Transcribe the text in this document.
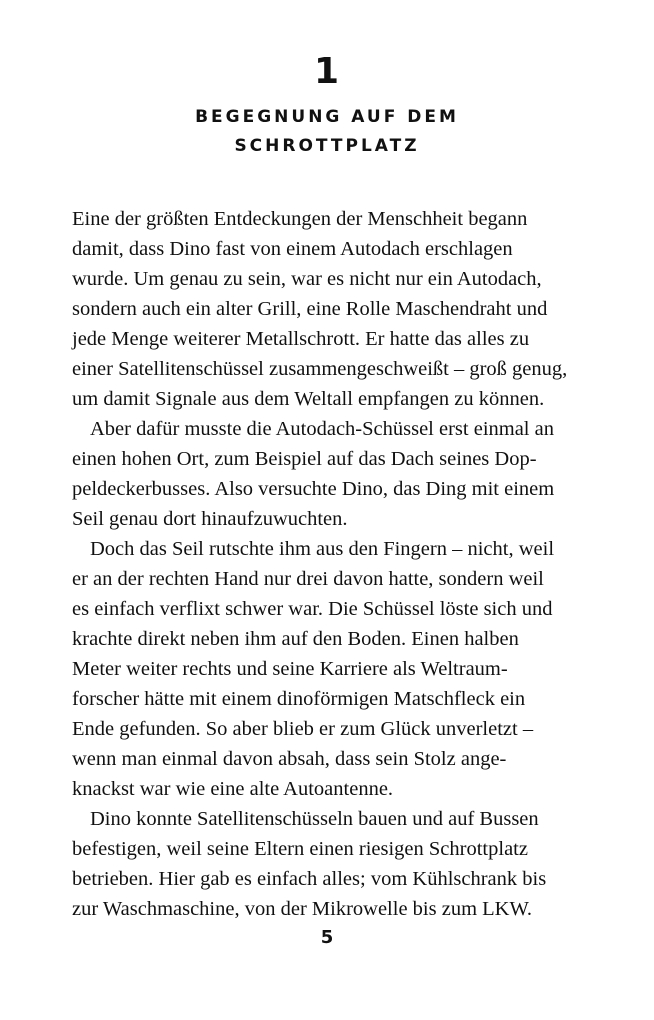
1
BEGEGNUNG AUF DEM
SCHROTTPLATZ
Eine der größten Entdeckungen der Menschheit begann
damit, dass Dino fast von einem Autodach erschlagen
wurde. Um genau zu sein, war es nicht nur ein Autodach,
sondern auch ein alter Grill, eine Rolle Maschendraht und
jede Menge weiterer Metallschrott. Er hatte das alles zu
einer Satellitenschüssel zusammengeschweißt – groß genug,
um damit Signale aus dem Weltall empfangen zu können.
Aber dafür musste die Autodach-Schüssel erst einmal an
einen hohen Ort, zum Beispiel auf das Dach seines Dop-
peldeckerbusses. Also versuchte Dino, das Ding mit einem
Seil genau dort hinaufzuwuchten.
Doch das Seil rutschte ihm aus den Fingern – nicht, weil
er an der rechten Hand nur drei davon hatte, sondern weil
es einfach verflixt schwer war. Die Schüssel löste sich und
krachte direkt neben ihm auf den Boden. Einen halben
Meter weiter rechts und seine Karriere als Weltraum-
forscher hätte mit einem dinoförmigen Matschfleck ein
Ende gefunden. So aber blieb er zum Glück unverletzt –
wenn man einmal davon absah, dass sein Stolz ange-
knackst war wie eine alte Autoantenne.
Dino konnte Satellitenschüsseln bauen und auf Bussen
befestigen, weil seine Eltern einen riesigen Schrottplatz
betrieben. Hier gab es einfach alles; vom Kühlschrank bis
zur Waschmaschine, von der Mikrowelle bis zum LKW.
5
